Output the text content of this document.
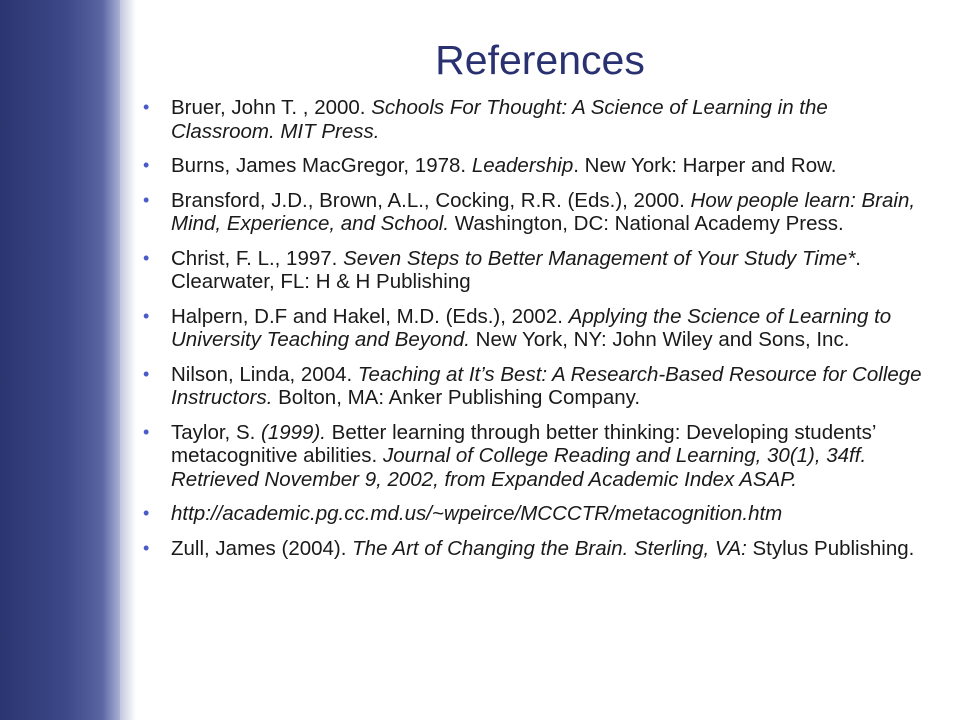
References
• Bruer, John T. , 2000. Schools For Thought: A Science of Learning in the Classroom. MIT Press.
• Burns, James MacGregor, 1978. Leadership. New York: Harper and Row.
• Bransford, J.D., Brown, A.L., Cocking, R.R. (Eds.), 2000. How people learn: Brain, Mind, Experience, and School. Washington, DC: National Academy Press.
• Christ, F. L., 1997. Seven Steps to Better Management of Your Study Time*. Clearwater, FL: H & H Publishing
• Halpern, D.F and Hakel, M.D. (Eds.), 2002. Applying the Science of Learning to University Teaching and Beyond. New York, NY: John Wiley and Sons, Inc.
• Nilson, Linda, 2004. Teaching at It’s Best: A Research-Based Resource for College Instructors. Bolton, MA: Anker Publishing Company.
• Taylor, S. (1999). Better learning through better thinking: Developing students’ metacognitive abilities. Journal of College Reading and Learning, 30(1), 34ff. Retrieved November 9, 2002, from Expanded Academic Index ASAP.
• http://academic.pg.cc.md.us/~wpeirce/MCCCTR/metacognition.htm
• Zull, James (2004). The Art of Changing the Brain. Sterling, VA: Stylus Publishing.
